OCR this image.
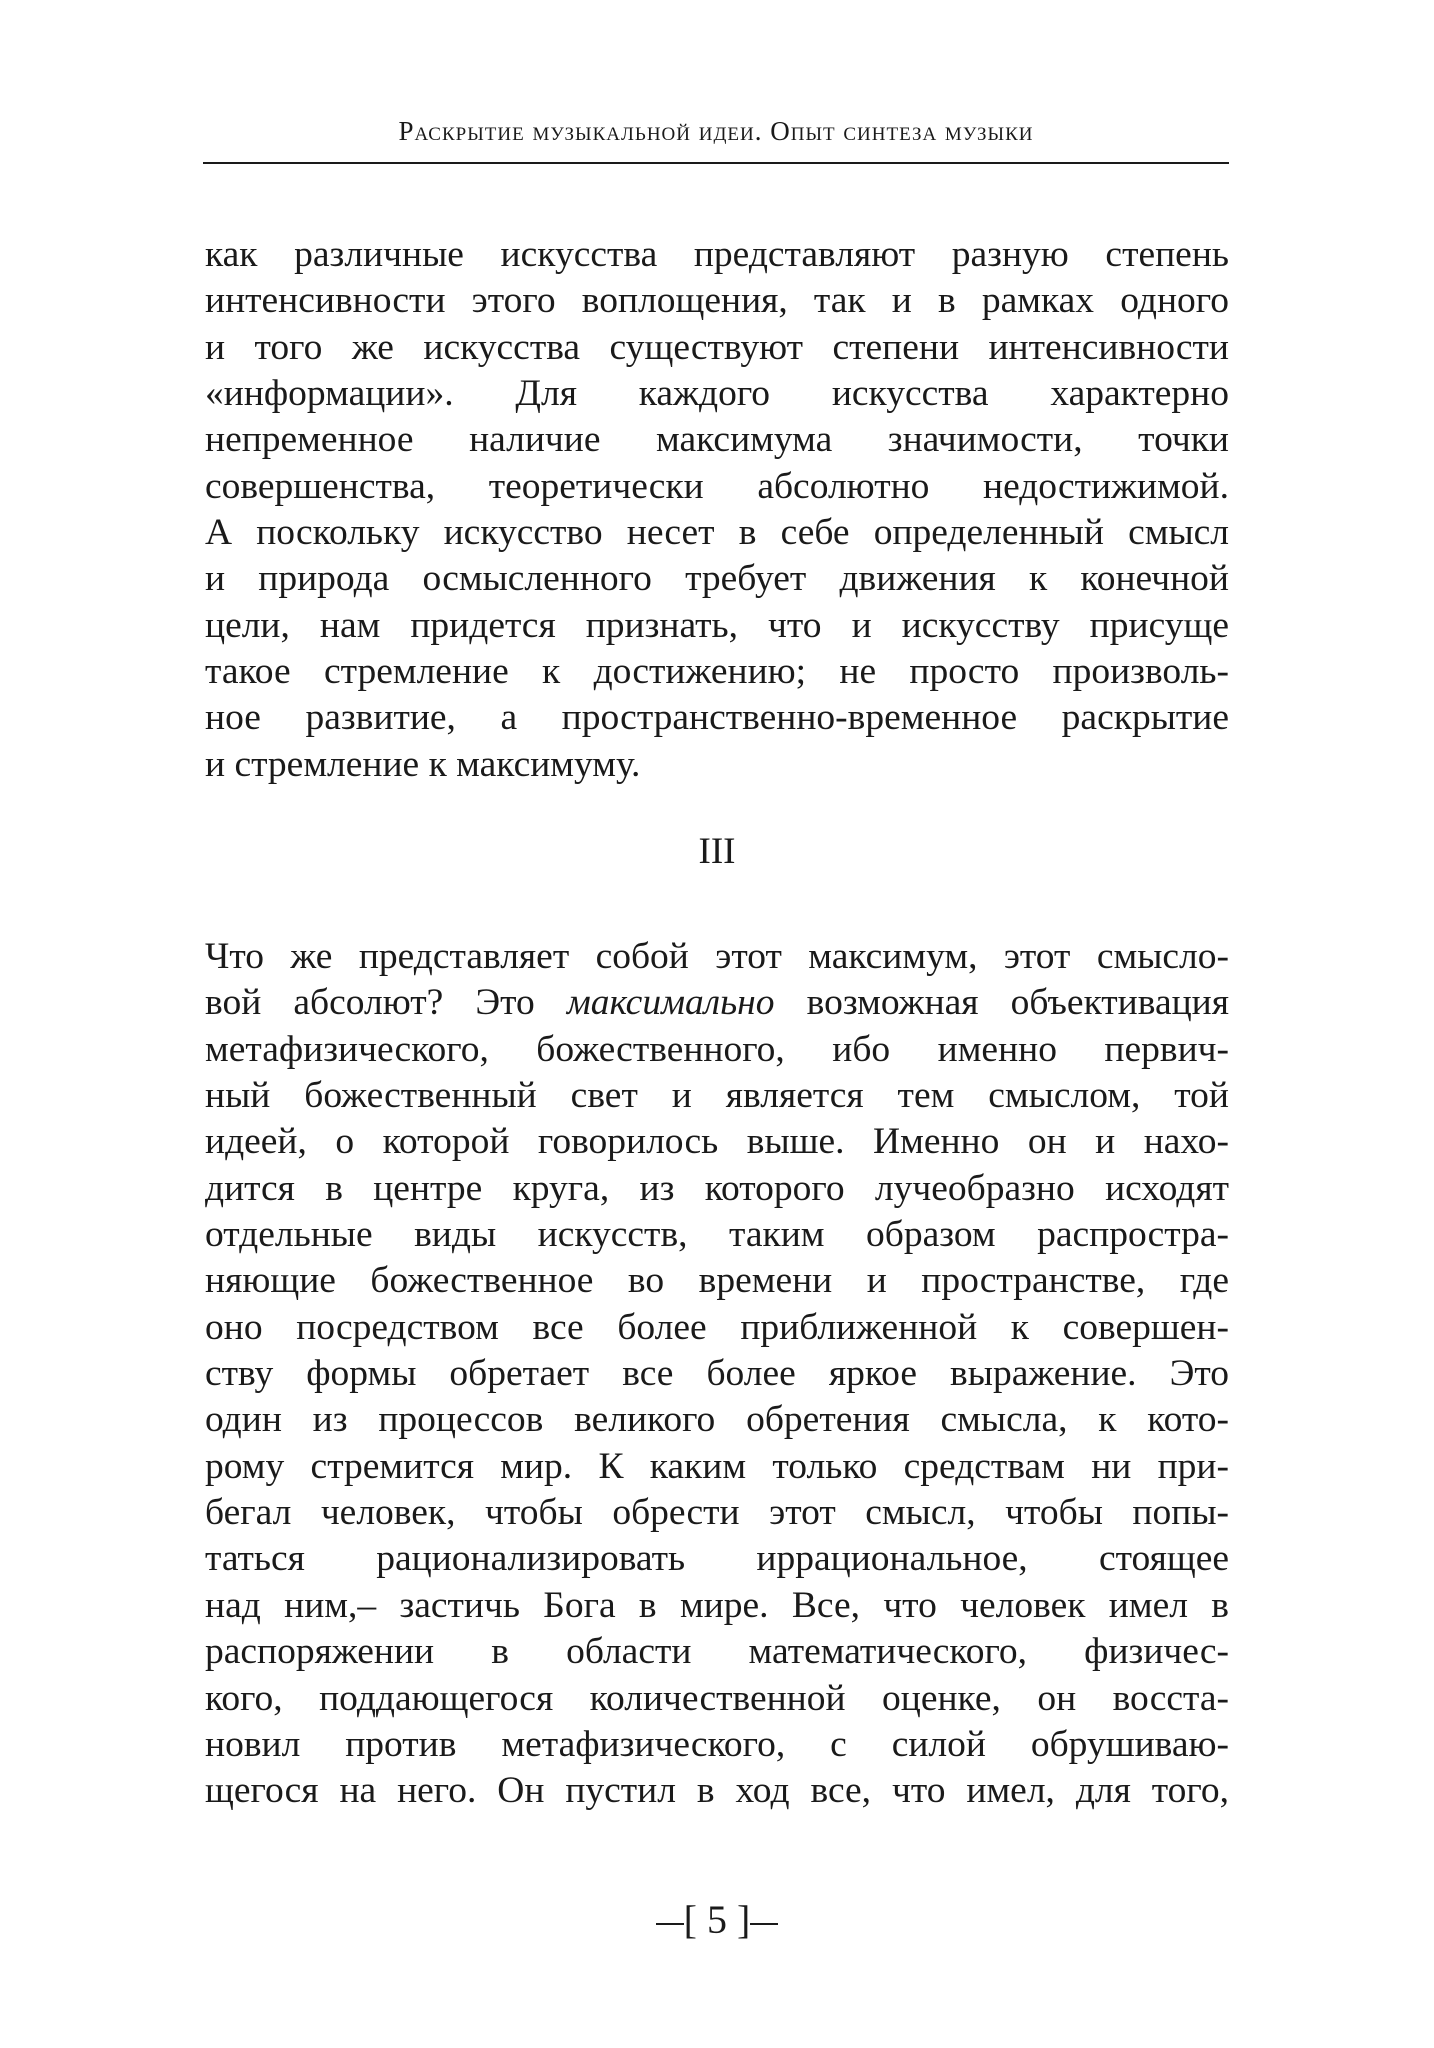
Раскрытие музыкальной идеи. Опыт синтеза музыки
как различные искусства представляют разную степень
интенсивности этого воплощения, так и в рамках одного
и того же искусства существуют степени интенсивности
«информации». Для каждого искусства характерно
непременное наличие максимума значимости, точки
совершенства, теоретически абсолютно недостижимой.
А поскольку искусство несет в себе определенный смысл
и природа осмысленного требует движения к конечной
цели, нам придется признать, что и искусству присуще
такое стремление к достижению; не просто произволь-
ное развитие, а пространственно-временное раскрытие
и стремление к максимуму.
III
Что же представляет собой этот максимум, этот смысло-
вой абсолют? Это максимально возможная объективация
метафизического, божественного, ибо именно первич-
ный божественный свет и является тем смыслом, той
идеей, о которой говорилось выше. Именно он и нахо-
дится в центре круга, из которого лучеобразно исходят
отдельные виды искусств, таким образом распростра-
няющие божественное во времени и пространстве, где
оно посредством все более приближенной к совершен-
ству формы обретает все более яркое выражение. Это
один из процессов великого обретения смысла, к кото-
рому стремится мир. К каким только средствам ни при-
бегал человек, чтобы обрести этот смысл, чтобы попы-
таться рационализировать иррациональное, стоящее
над ним,– застичь Бога в мире. Все, что человек имел в
распоряжении в области математического, физичес-
кого, поддающегося количественной оценке, он восста-
новил против метафизического, с силой обрушиваю-
щегося на него. Он пустил в ход все, что имел, для того,
[ 5 ]
